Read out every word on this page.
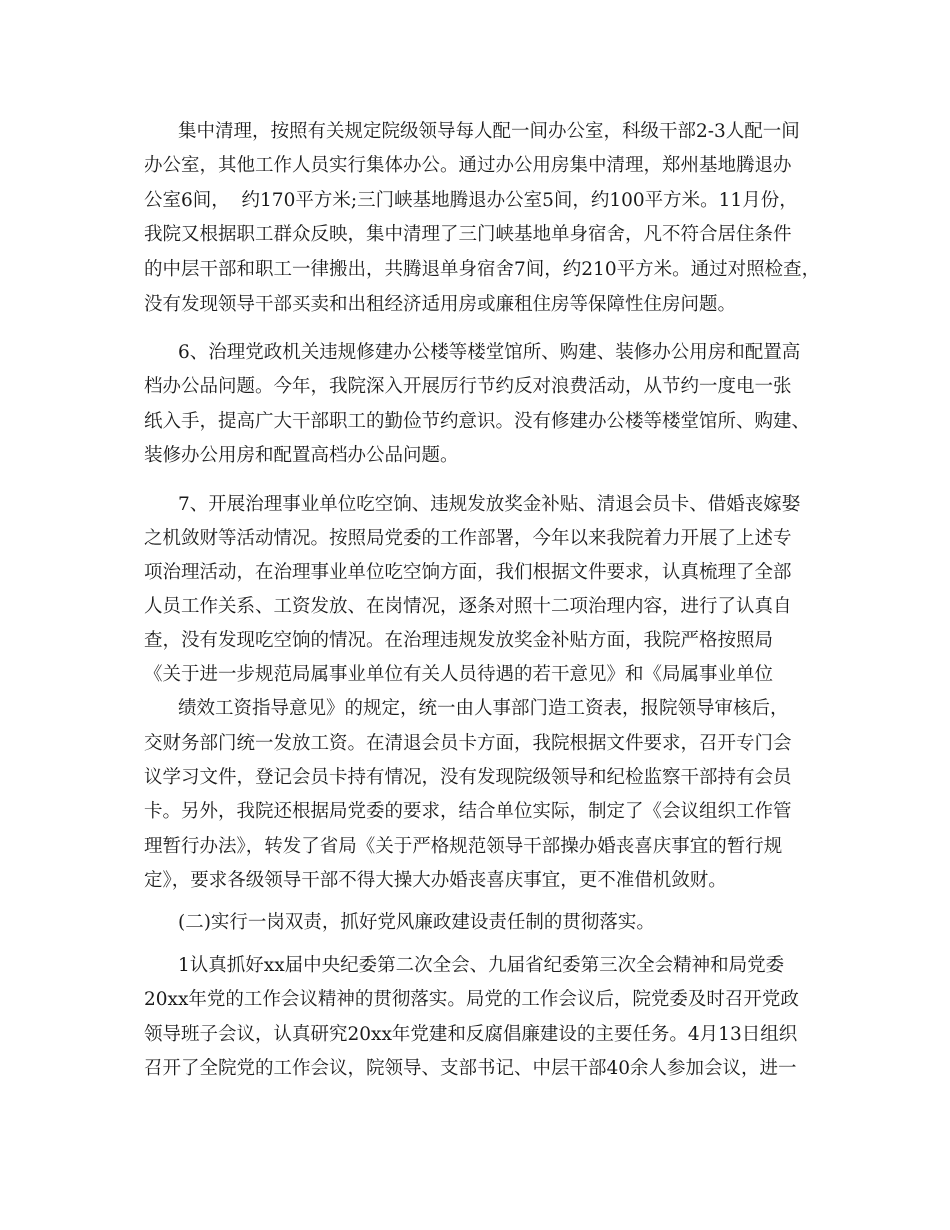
集中清理，按照有关规定院级领导每人配一间办公室，科级干部2-3人配一间
办公室，其他工作人员实行集体办公。通过办公用房集中清理，郑州基地腾退办
公室6间，  约170平方米;三门峡基地腾退办公室5间，约100平方米。11月份，
我院又根据职工群众反映，集中清理了三门峡基地单身宿舍，凡不符合居住条件
的中层干部和职工一律搬出，共腾退单身宿舍7间，约210平方米。通过对照检查，
没有发现领导干部买卖和出租经济适用房或廉租住房等保障性住房问题。
6、治理党政机关违规修建办公楼等楼堂馆所、购建、装修办公用房和配置高
档办公品问题。今年，我院深入开展厉行节约反对浪费活动，从节约一度电一张
纸入手，提高广大干部职工的勤俭节约意识。没有修建办公楼等楼堂馆所、购建、
装修办公用房和配置高档办公品问题。
7、开展治理事业单位吃空饷、违规发放奖金补贴、清退会员卡、借婚丧嫁娶
之机敛财等活动情况。按照局党委的工作部署，今年以来我院着力开展了上述专
项治理活动，在治理事业单位吃空饷方面，我们根据文件要求，认真梳理了全部
人员工作关系、工资发放、在岗情况，逐条对照十二项治理内容，进行了认真自
查，没有发现吃空饷的情况。在治理违规发放奖金补贴方面，我院严格按照局
《关于进一步规范局属事业单位有关人员待遇的若干意见》和《局属事业单位
绩效工资指导意见》的规定，统一由人事部门造工资表，报院领导审核后，
交财务部门统一发放工资。在清退会员卡方面，我院根据文件要求，召开专门会
议学习文件，登记会员卡持有情况，没有发现院级领导和纪检监察干部持有会员
卡。另外，我院还根据局党委的要求，结合单位实际，制定了《会议组织工作管
理暂行办法》，转发了省局《关于严格规范领导干部操办婚丧喜庆事宜的暂行规
定》，要求各级领导干部不得大操大办婚丧喜庆事宜，更不准借机敛财。
(二)实行一岗双责，抓好党风廉政建设责任制的贯彻落实。
1认真抓好xx届中央纪委第二次全会、九届省纪委第三次全会精神和局党委
20xx年党的工作会议精神的贯彻落实。局党的工作会议后，院党委及时召开党政
领导班子会议，认真研究20xx年党建和反腐倡廉建设的主要任务。4月13日组织
召开了全院党的工作会议，院领导、支部书记、中层干部40余人参加会议，进一
